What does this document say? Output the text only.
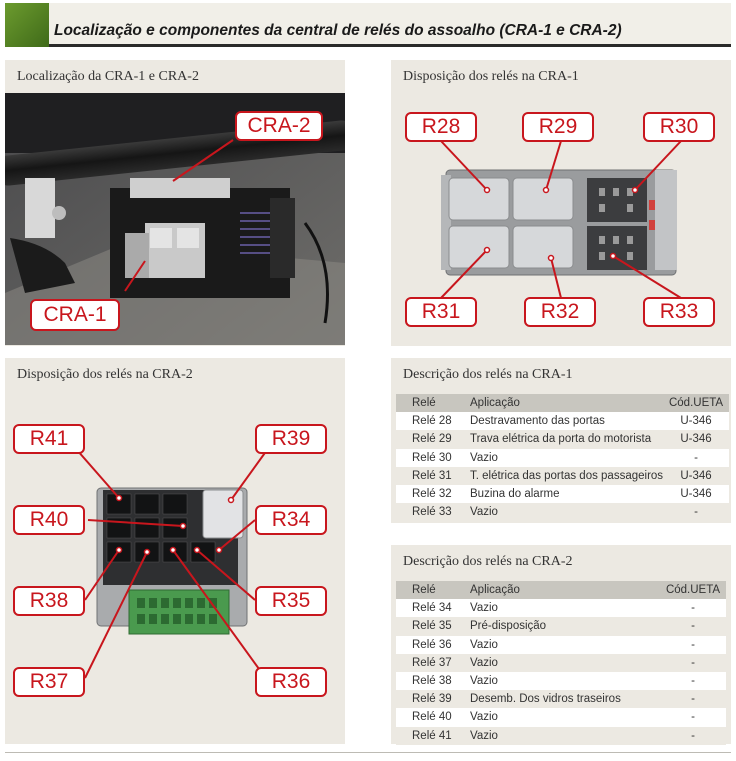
Localização e componentes da central de relés do assoalho (CRA-1 e CRA-2)
Localização da CRA-1 e CRA-2
CRA-2
CRA-1
Disposição dos relés na CRA-1
R28	R29	R30
R31	R32	R33
Disposição dos relés na CRA-2
R41	R39
R40	R34
R38	R35
R37	R36
Descrição dos relés na CRA-1
Relé	Aplicação	Cód.UETA
Relé 28	Destravamento das portas	U-346
Relé 29	Trava elétrica da porta do motorista	U-346
Relé 30	Vazio	-
Relé 31	T. elétrica das portas dos passageiros	U-346
Relé 32	Buzina do alarme	U-346
Relé 33	Vazio	-
Descrição dos relés na CRA-2
Relé	Aplicação	Cód.UETA
Relé 34	Vazio	-
Relé 35	Pré-disposição	-
Relé 36	Vazio	-
Relé 37	Vazio	-
Relé 38	Vazio	-
Relé 39	Desemb. Dos vidros traseiros	-
Relé 40	Vazio	-
Relé 41	Vazio	-
